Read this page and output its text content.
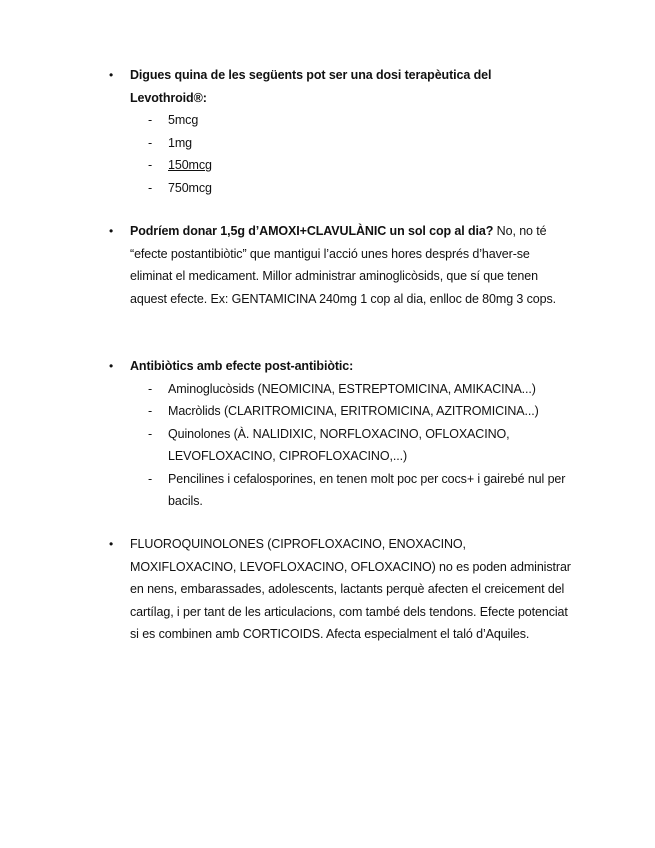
• Digues quina de les següents pot ser una dosi terapèutica del Levothroid®:
- 5mcg
- 1mg
- 150mcg
- 750mcg
• Podríem donar 1,5g d’AMOXI+CLAVULÀNIC un sol cop al dia? No, no té “efecte postantibiòtic” que mantigui l’acció unes hores després d’haver-se eliminat el medicament. Millor administrar aminoglicòsids, que sí que tenen aquest efecte. Ex: GENTAMICINA 240mg 1 cop al dia, enlloc de 80mg 3 cops.
• Antibiòtics amb efecte post-antibiòtic:
- Aminoglucòsids (NEOMICINA, ESTREPTOMICINA, AMIKACINA...)
- Macròlids (CLARITROMICINA, ERITROMICINA, AZITROMICINA...)
- Quinolones (À. NALIDIXIC, NORFLOXACINO, OFLOXACINO, LEVOFLOXACINO, CIPROFLOXACINO,...)
- Pencilines i cefalosporines, en tenen molt poc per cocs+ i gairebé nul per bacils.
• FLUOROQUINOLONES (CIPROFLOXACINO, ENOXACINO, MOXIFLOXACINO, LEVOFLOXACINO, OFLOXACINO) no es poden administrar en nens, embarassades, adolescents, lactants perquè afecten el creicement del cartílag, i per tant de les articulacions, com també dels tendons. Efecte potenciat si es combinen amb CORTICOIDS. Afecta especialment el taló d’Aquiles.
